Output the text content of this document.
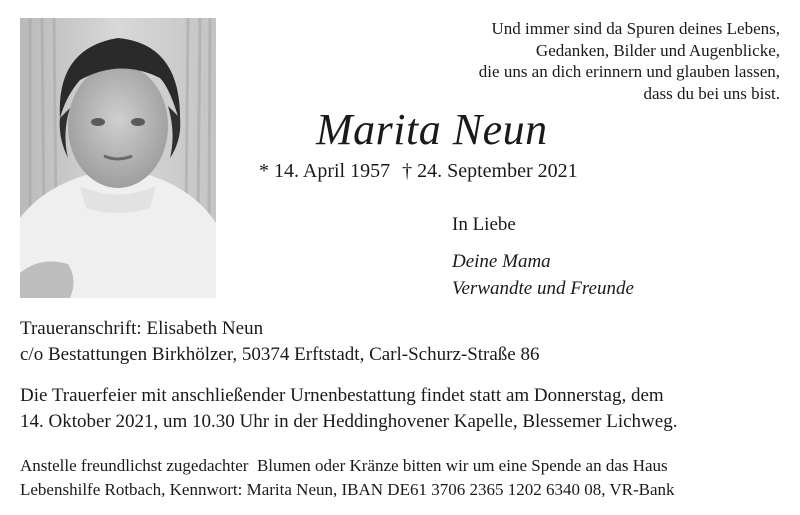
Und immer sind da Spuren deines Lebens,
Gedanken, Bilder und Augenblicke,
die uns an dich erinnern und glauben lassen,
dass du bei uns bist.
Marita Neun
* 14. April 1957 † 24. September 2021
In Liebe
Deine Mama
Verwandte und Freunde
Traueranschrift: Elisabeth Neun
c/o Bestattungen Birkhölzer, 50374 Erftstadt, Carl-Schurz-Straße 86
Die Trauerfeier mit anschließender Urnenbestattung findet statt am Donnerstag, dem
14. Oktober 2021, um 10.30 Uhr in der Heddinghovener Kapelle, Blessemer Lichweg.
Anstelle freundlichst zugedachter  Blumen oder Kränze bitten wir um eine Spende an das Haus
Lebenshilfe Rotbach, Kennwort: Marita Neun, IBAN DE61 3706 2365 1202 6340 08, VR-Bank
